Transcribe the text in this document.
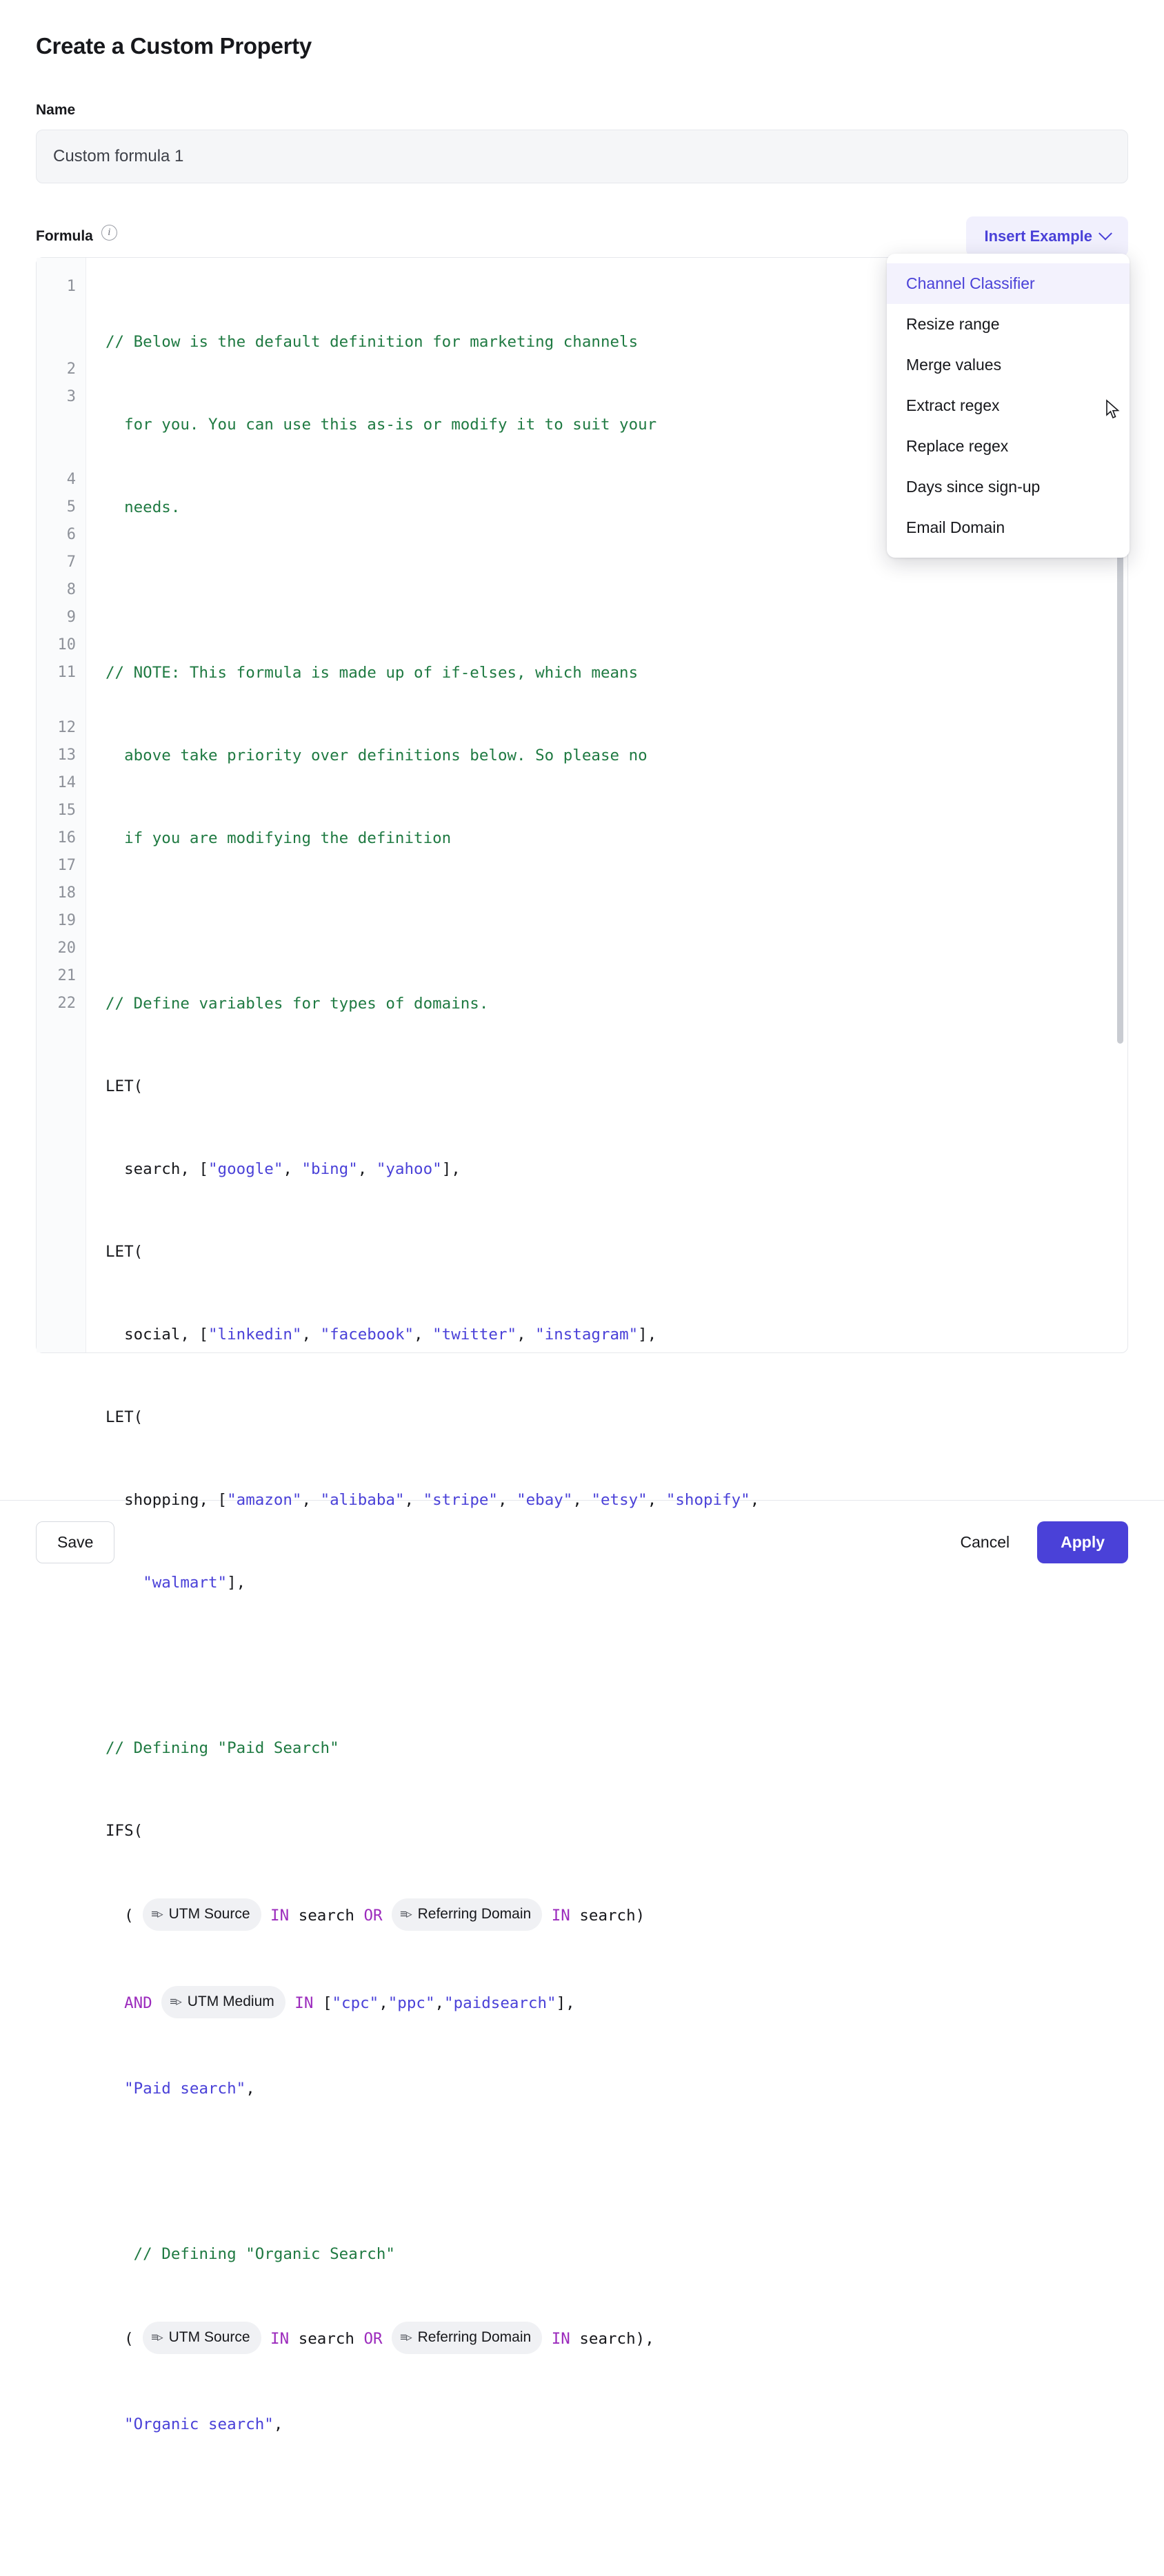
Create a Custom Property
Name
Custom formula 1
Formula	i	Insert Example
Channel Classifier
Resize range
Merge values
Extract regex
Replace regex
Days since sign-up
Email Domain
1
2
3
4
5
6
7
8
9
10
11
12
13
14
15
16
17
18
19
20
21
22

// Below is the default definition for marketing channels

for you. You can use this as-is or modify it to suit your

needs.

// NOTE: This formula is made up of if-elses, which means

above take priority over definitions below. So please no

if you are modifying the definition

// Define variables for types of domains.

LET(

search, ["google", "bing", "yahoo"],

LET(

social, ["linkedin", "facebook", "twitter", "instagram"],

LET(

shopping, ["amazon", "alibaba", "stripe", "ebay", "etsy", "shopify",

"walmart"],

// Defining "Paid Search"

IFS(

( ≡▹ UTM Source IN search OR ≡▹ Referring Domain IN search)

AND ≡▹ UTM Medium IN ["cpc","ppc","paidsearch"],

"Paid search",

// Defining "Organic Search"

( ≡▹ UTM Source IN search OR ≡▹ Referring Domain IN search),

"Organic search",

Save	Cancel	Apply
